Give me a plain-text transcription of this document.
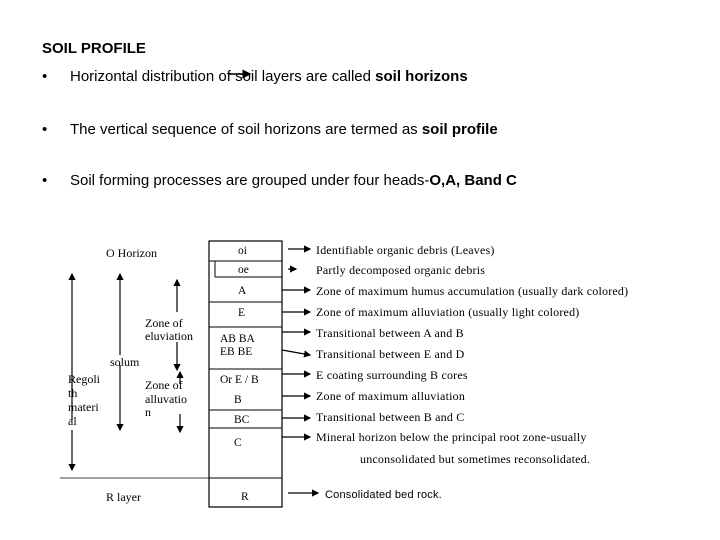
SOIL PROFILE
• Horizontal distribution of soil layers are called soil horizons
• The vertical sequence of soil horizons are termed as soil profile
• Soil forming processes are grouped under four heads-O,A, Band C
O Horizon
Zone of
eluviation
solum
Regoli
th
materi
al
Zone of
alluvatio
n
R layer
oi
oe
A
E
AB BA
EB BE
Or E / B
B
BC
C
R
Identifiable organic debris (Leaves)
Partly decomposed organic debris
Zone of maximum humus accumulation (usually dark colored)
Zone of maximum alluviation (usually light colored)
Transitional between A and B
Transitional between E and D
E coating surrounding B cores
Zone of maximum alluviation
Transitional between B and C
Mineral horizon below the principal root zone-usually
unconsolidated but sometimes reconsolidated.
Consolidated bed rock.
